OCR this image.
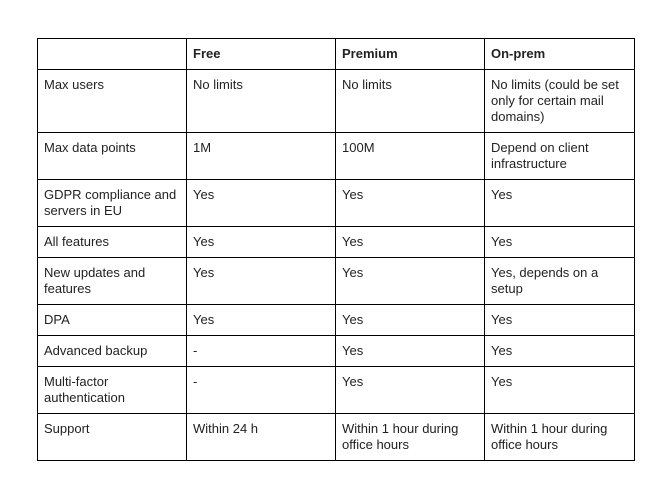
	Free	Premium	On-prem
Max users	No limits	No limits	No limits (could be set only for certain mail domains)
Max data points	1M	100M	Depend on client infrastructure
GDPR compliance and servers in EU	Yes	Yes	Yes
All features	Yes	Yes	Yes
New updates and features	Yes	Yes	Yes, depends on a setup
DPA	Yes	Yes	Yes
Advanced backup	-	Yes	Yes
Multi-factor authentication	-	Yes	Yes
Support	Within 24 h	Within 1 hour during office hours	Within 1 hour during office hours
